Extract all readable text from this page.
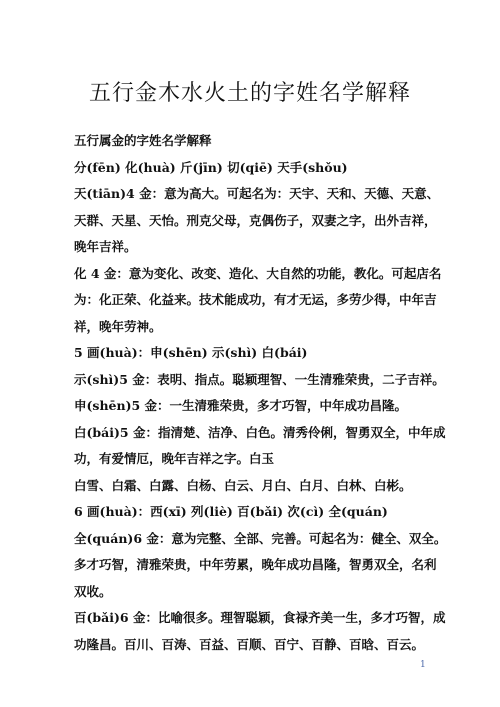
五行金木水火土的字姓名学解释
五行属金的字姓名学解释
分(fēn) 化(huà) 斤(jīn) 切(qiē) 天手(shǒu)
天(tiān)4 金：意为高大。可起名为：天宇、天和、天德、天意、
天群、天星、天怡。刑克父母，克偶伤子，双妻之字，出外吉祥，
晚年吉祥。
化 4 金：意为变化、改变、造化、大自然的功能，教化。可起店名
为：化正荣、化益来。技术能成功，有才无运，多劳少得，中年吉
祥，晚年劳神。
5 画(huà)：申(shēn) 示(shì) 白(bái)
示(shì)5 金：表明、指点。聪颖理智、一生清雅荣贵，二子吉祥。
申(shēn)5 金：一生清雅荣贵，多才巧智，中年成功昌隆。
白(bái)5 金：指清楚、洁净、白色。清秀伶俐，智勇双全，中年成
功，有爱情厄，晚年吉祥之字。白玉
白雪、白霜、白露、白杨、白云、月白、白月、白林、白彬。
6 画(huà)：西(xī) 列(liè) 百(bǎi) 次(cì) 全(quán)
全(quán)6 金：意为完整、全部、完善。可起名为：健全、双全。
多才巧智，清雅荣贵，中年劳累，晚年成功昌隆，智勇双全，名利
双收。
百(bǎi)6 金：比喻很多。理智聪颖，食禄齐美一生，多才巧智，成
功隆昌。百川、百涛、百益、百顺、百宁、百静、百晗、百云。
1
